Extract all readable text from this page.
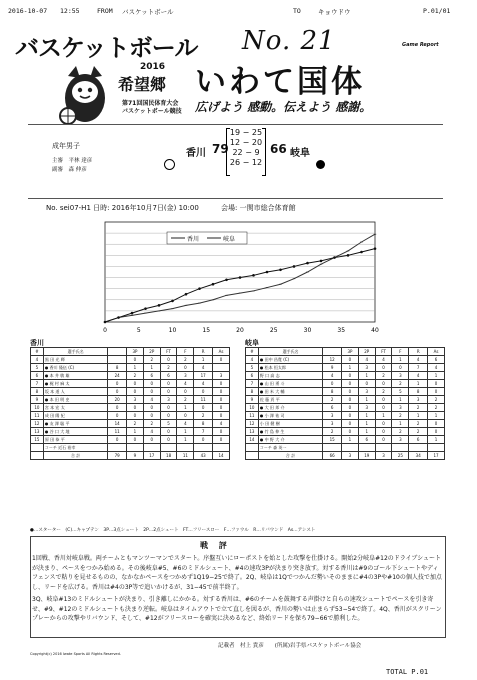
2016-10-07 12:55	FROM バスケットボール	TO	キョウドウ	P.01/01
バスケットボール No. 21	Game Report
2016
希望郷 いわて国体
第71回国民体育大会
バスケットボール競技 広げよう 感動。伝えよう 感謝。
成年男子
主審　平林 達彦
副審　森 伸彦
香川 79
19 − 25
12 − 20
22 − 9
26 − 12
66 岐阜
No. sei07-H1 日時: 2016年10月7日(金) 10:00	会場: 一関市総合体育館
0	5	10	15	20	25	30	35	40
香川	岐阜
香川
#	選手氏名		3P	2P	FT	F	R	As
4	黒 田 光 輝		0	2	0	2	1	0
5	● 香川 隆伍 (C)	8	1	1	2	0	4	
6	● 本 井 敏 雄	24	2	6	6	3	17	3
7	● 梶 村 麻 太	0	0	0	0	4	4	0
8	坂 本 道 人	0	0	0	0	0	0	0
9	● 本 田 明 史	20	3	4	3	2	11	0
10	宮 本 宏 太	0	0	0	0	1	0	0
11	成 田 陽 紀	0	0	0	0	0	2	0
12	● 友 澤 聡 平	14	2	2	5	4	8	4
13	● 谷 口 大 地	11	1	4	0	1	7	0
15	原 田 恭 平	0	0	0	0	1	0	0
	コーチ 近石 裕幸							
	合 計	79	9	17	18	11	43	14
岐阜
#	選手氏名		3P	2P	FT	F	R	As
4	● 田中 昌寛 (C)	12	0	4	4	1	4	6
5	● 松本 恒太郎	9	1	3	0	0	7	4
6	野 口 高 志	4	0	1	2	3	4	1
7	● 山 田 勇 斗	0	0	0	0	2	1	0
8	● 田 米 大 輔	8	0	3	2	5	8	0
9	佐 藤 貢 平	2	0	1	0	1	3	2
10	● 大 田 邦 介	6	0	3	0	3	2	2
11	● 小 澤 祐 司	3	0	1	1	2	1	1
12	小 田 健 樹	3	0	1	0	1	2	0
13	● 竹 島 伸 生	2	0	1	0	2	2	0
14	● 中 野 大 介	15	1	6	0	3	6	1
	コーチ 森 英一							
	合 計	66	3	19	3	25	34	17
●…スターター　(C)…キャプテン　3P…3点シュート　2P…2点シュート　FT…フリースロー　F…ファウル　R…リバウンド　As…アシスト
戦 評
1回戦、香川対岐阜戦。両チームともマンツーマンでスタート。序盤互いにローポストを始とした攻撃を仕掛ける。開始2分岐阜#12のドライブシュートが決まり、ペースをつかみ始める。その後岐阜#5、#6のミドルシュート、#4の速攻3Pが決まり突き放す。対する香川は#9のゴール下シュートやディフェンスで粘りを見せるものの、なかなかペースをつかめず1Q19−25で終了。2Q、岐阜は1Qでつかんだ勢いそのままに#4の3Pや#10の個人技で加点し、リードを広げる。香川は#4の3P等で追いかけるが、31−45で前半終了。
3Q、岐阜#13のミドルシュートが決まり、引き離しにかかる。対する香川は、#6のチームを鼓舞する声掛けと自らの速攻シュートでペースを引き寄せ、#9、#12のミドルシュートも決まり逆転。岐阜はタイムアウトで立て直しを図るが、香川の勢いは止まらず53−54で終了。4Q、香川がスクリーンプレーからの攻撃やリバウンド、そして、#12がフリースローを確実に決めるなど、終始リードを保ち79−66で勝利した。
記載者　村上 貴彦　　(所属)岩手県バスケットボール協会
Copyright(c) 2016 Iwate Sports All Rights Reserved.
TOTAL P.01
